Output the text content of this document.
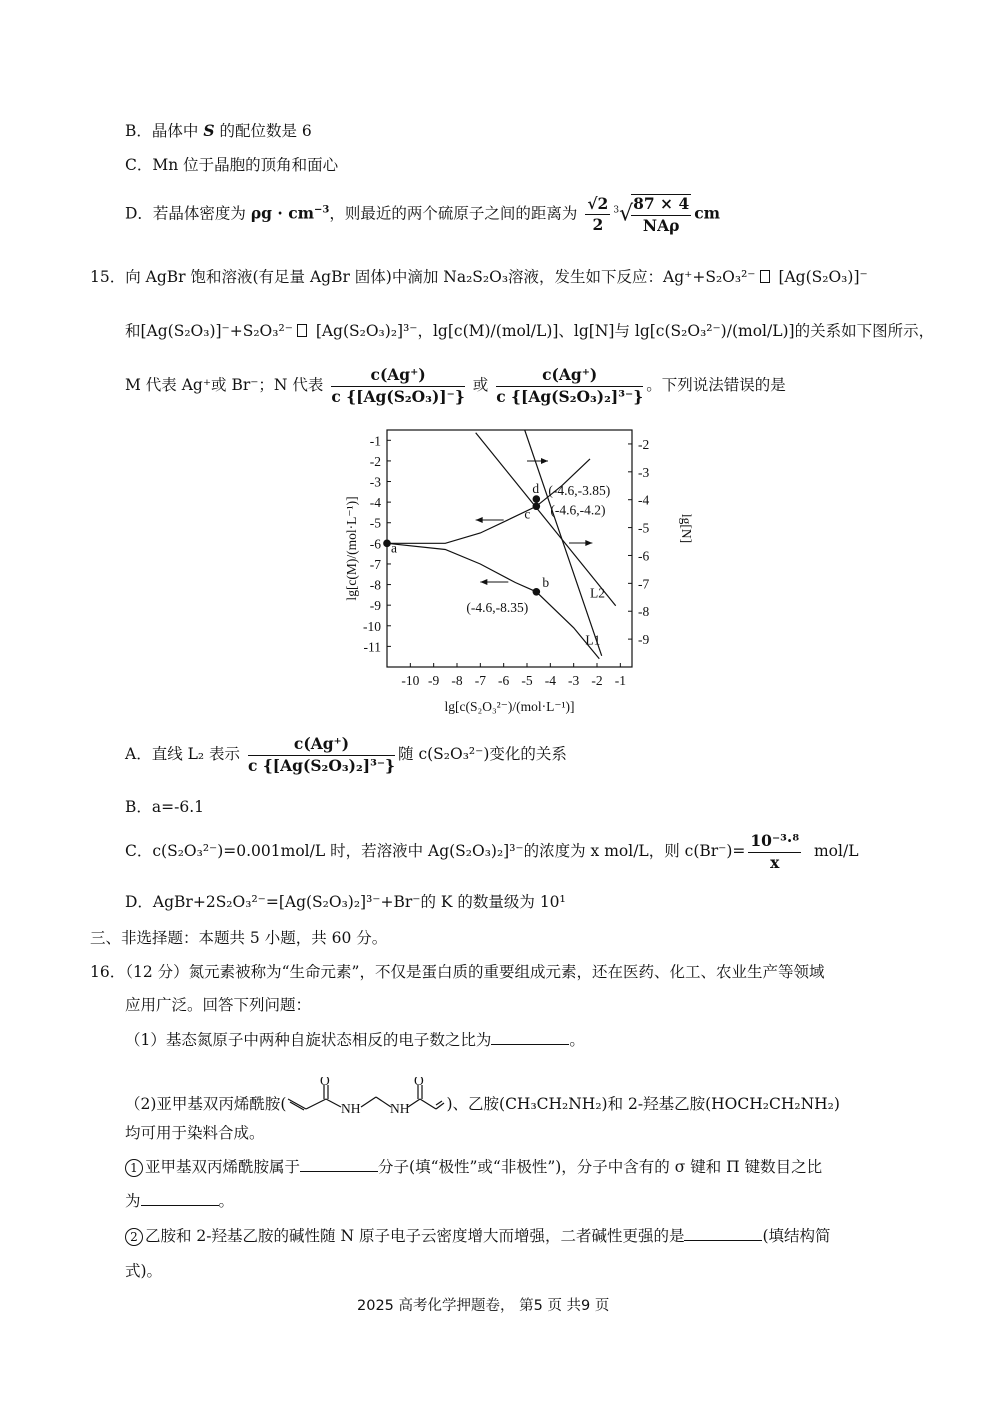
B．晶体中 S 的配位数是 6
C．Mn 位于晶胞的顶角和面心
D．若晶体密度为 $\rho g \cdot cm^{-3}$，则最近的两个硫原子之间的距离为 $\frac{√2}{2} ^3√$
$\frac{87 \times 4}{\text{NAρ}}$ cm
15．向 AgBr 饱和溶液(有足量 AgBr 固体)中滴加 Na₂S₂O₃溶液，发生如下反应：Ag⁺+S₂O₃²⁻ [Ag(S₂O₃)]⁻
和[Ag(S₂O₃)]⁻+S₂O₃²⁻ [Ag(S₂O₃)₂]³⁻，lg[c(M)/(mol/L)]、lg[N]与 lg[c(S₂O₃²⁻)/(mol/L)]的关系如下图所示，
M 代表 Ag⁺或 Br⁻；N 代表 $\frac{c(Ag^+)}{\text{c \{[Ag(S₂O₃)]⁻\}}}$ 或 $\frac{c(Ag^+)}{\text{c \{[Ag(S₂O₃)₂]³⁻\}}}$ 。下列说法错误的是
-10 -9 -8 -7 -6 -5 -4 -3 -2 -1
-1
-2
-3
-4
-5
-6
-7
-8
-9
-10
-11
-2
-3
-4
-5
-6
-7
-8
-9
lg[c(S₂O₃²⁻)/(mol·L⁻¹)]
lg[c(M)/(mol·L⁻¹)]	lg[N]
L2
L1
a
b
(-4.6,-8.35)
c (-4.6,-4.2)
d (-4.6,-3.85)
A．直线 L₂ 表示 $\frac{c(Ag^+)}{\text{c \{[Ag(S₂O₃)₂]³⁻\}}}$ 随 c(S₂O₃²⁻)变化的关系
B．a=-6.1
C．c(S₂O₃²⁻)=0.001mol/L 时，若溶液中 Ag(S₂O₃)₂]³⁻的浓度为 x mol/L，则 $c(Br^-)= \frac{\text{10⁻³·⁸}}{x} mol/L$
D．AgBr+2S₂O₃²⁻=[Ag(S₂O₃)₂]³⁻+Br⁻的 K 的数量级为 10¹
三、非选择题：本题共 5 小题，共 60 分。
16．（12 分）氮元素被称为“生命元素”，不仅是蛋白质的重要组成元素，还在医药、化工、农业生产等领域
应用广泛。回答下列问题：
（1）基态氮原子中两种自旋状态相反的电子数之比为	。
（2)亚甲基双丙烯酰胺(
O	O
NH NH )、乙胺(CH₃CH₂NH₂)和 2-羟基乙胺(HOCH₂CH₂NH₂)
均可用于染料合成。
1 亚甲基双丙烯酰胺属于	分子(填“极性”或“非极性”)，分子中含有的 σ 键和 Π 键数目之比
为	。
2 乙胺和 2-羟基乙胺的碱性随 N 原子电子云密度增大而增强，二者碱性更强的是	(填结构简
式)。
2025 高考化学押题卷， 第5 页 共9 页
